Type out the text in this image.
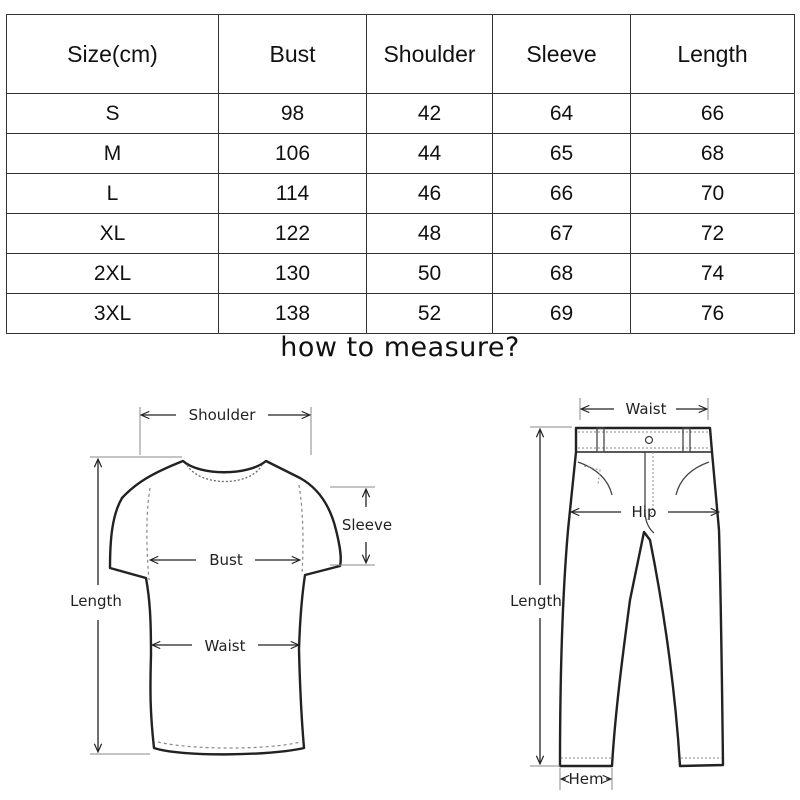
Size(cm)	Bust	Shoulder	Sleeve	Length
S	98	42	64	66
M	106	44	65	68
L	114	46	66	70
XL	122	48	67	72
2XL	130	50	68	74
3XL	138	52	69	76
how to measure?
Shoulder
Sleeve
Bust
Waist
Length
Waist
Hip
Length
Hem
